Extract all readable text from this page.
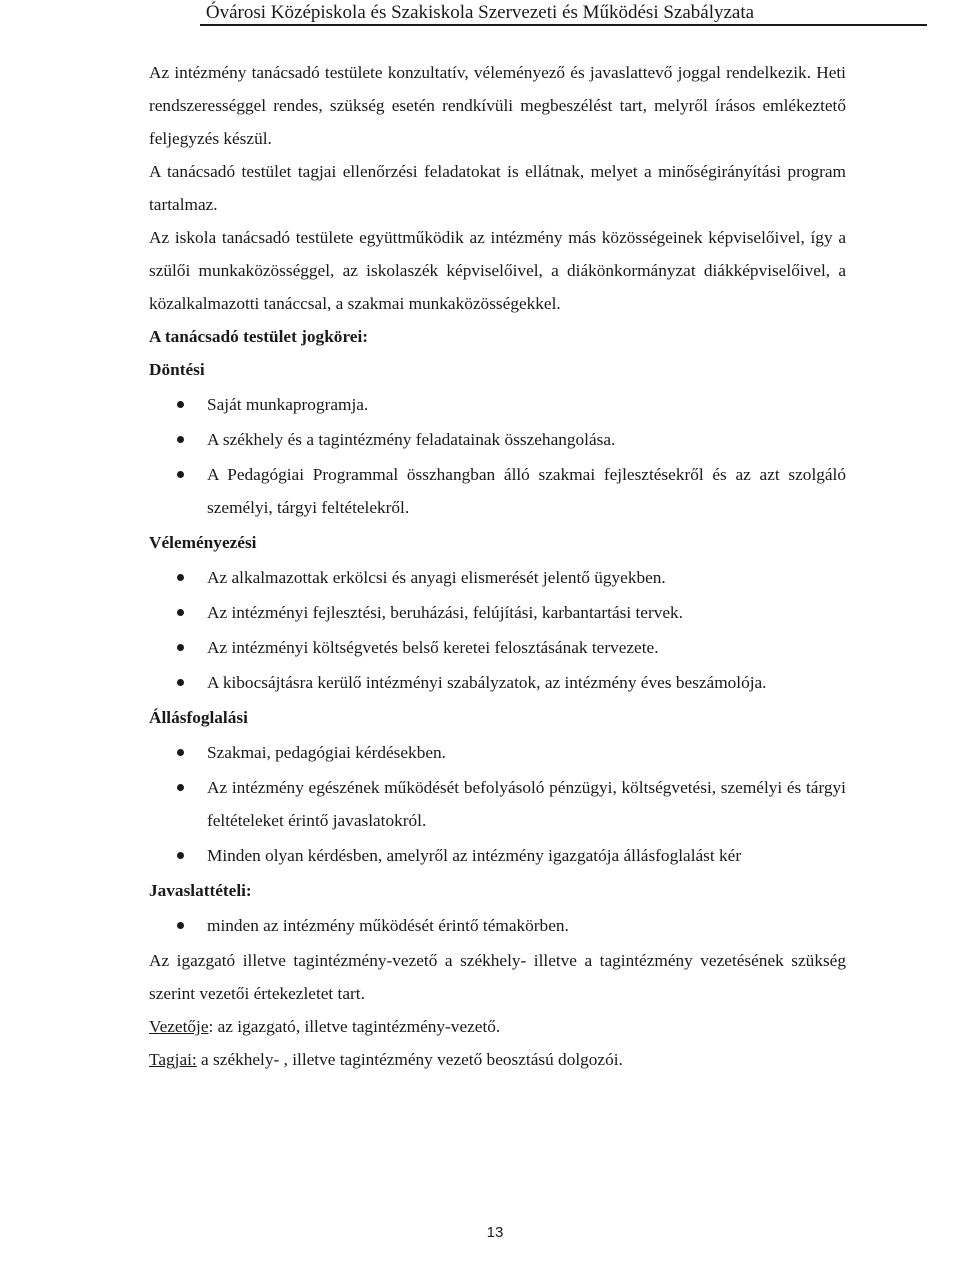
Óvárosi Középiskola és Szakiskola Szervezeti és Működési Szabályzata

Az intézmény tanácsadó testülete konzultatív, véleményező és javaslattevő joggal rendelkezik. Heti rendszerességgel rendes, szükség esetén rendkívüli megbeszélést tart, melyről írásos emlékeztető feljegyzés készül.

A tanácsadó testület tagjai ellenőrzési feladatokat is ellátnak, melyet a minőségirányítási program tartalmaz.

Az iskola tanácsadó testülete együttműködik az intézmény más közösségeinek képviselőivel, így a szülői munkaközösséggel, az iskolaszék képviselőivel, a diákönkormányzat diákképviselőivel, a közalkalmazotti tanáccsal, a szakmai munkaközösségekkel.

A tanácsadó testület jogkörei:

Döntési

Saját munkaprogramja.
A székhely és a tagintézmény feladatainak összehangolása.
A Pedagógiai Programmal összhangban álló szakmai fejlesztésekről és az azt szolgáló személyi, tárgyi feltételekről.

Véleményezési

Az alkalmazottak erkölcsi és anyagi elismerését jelentő ügyekben.
Az intézményi fejlesztési, beruházási, felújítási, karbantartási tervek.
Az intézményi költségvetés belső keretei felosztásának tervezete.
A kibocsájtásra kerülő intézményi szabályzatok, az intézmény éves beszámolója.

Állásfoglalási

Szakmai, pedagógiai kérdésekben.
Az intézmény egészének működését befolyásoló pénzügyi, költségvetési, személyi és tárgyi feltételeket érintő javaslatokról.
Minden olyan kérdésben, amelyről az intézmény igazgatója állásfoglalást kér

Javaslattételi:

minden az intézmény működését érintő témakörben.

Az igazgató illetve tagintézmény-vezető a székhely- illetve a tagintézmény vezetésének szükség szerint vezetői értekezletet tart.

Vezetője: az igazgató, illetve tagintézmény-vezető.

Tagjai: a székhely- , illetve tagintézmény vezető beosztású dolgozói.

13
